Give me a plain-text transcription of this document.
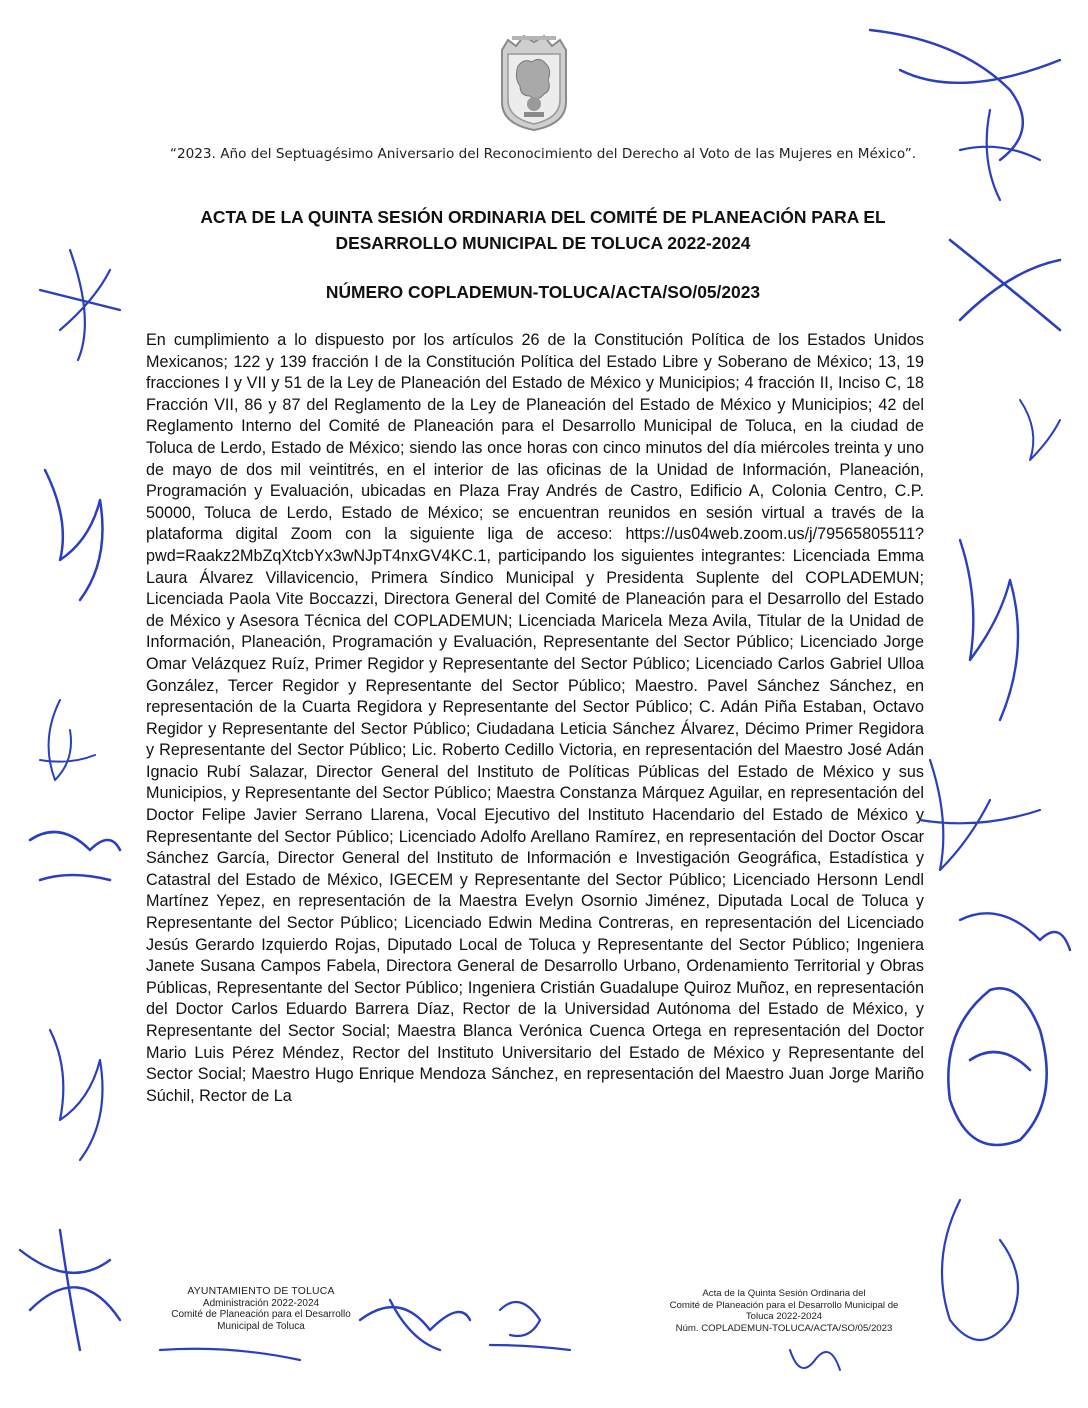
“2023. Año del Septuagésimo Aniversario del Reconocimiento del Derecho al Voto de las Mujeres en México”.
ACTA DE LA QUINTA SESIÓN ORDINARIA DEL COMITÉ DE PLANEACIÓN PARA EL
DESARROLLO MUNICIPAL DE TOLUCA 2022-2024
NÚMERO COPLADEMUN-TOLUCA/ACTA/SO/05/2023
En cumplimiento a lo dispuesto por los artículos 26 de la Constitución Política de los Estados Unidos Mexicanos; 122 y 139 fracción I de la Constitución Política del Estado Libre y Soberano de México; 13, 19 fracciones I y VII y 51 de la Ley de Planeación del Estado de México y Municipios; 4 fracción II, Inciso C, 18 Fracción VII, 86 y 87 del Reglamento de la Ley de Planeación del Estado de México y Municipios; 42 del Reglamento Interno del Comité de Planeación para el Desarrollo Municipal de Toluca, en la ciudad de Toluca de Lerdo, Estado de México; siendo las once horas con cinco minutos del día miércoles treinta y uno de mayo de dos mil veintitrés, en el interior de las oficinas de la Unidad de Información, Planeación, Programación y Evaluación, ubicadas en Plaza Fray Andrés de Castro, Edificio A, Colonia Centro, C.P. 50000, Toluca de Lerdo, Estado de México; se encuentran reunidos en sesión virtual a través de la plataforma digital Zoom con la siguiente liga de acceso: https://us04web.zoom.us/j/79565805511?pwd=Raakz2MbZqXtcbYx3wNJpT4nxGV4KC.1, participando los siguientes integrantes: Licenciada Emma Laura Álvarez Villavicencio, Primera Síndico Municipal y Presidenta Suplente del COPLADEMUN; Licenciada Paola Vite Boccazzi, Directora General del Comité de Planeación para el Desarrollo del Estado de México y Asesora Técnica del COPLADEMUN; Licenciada Maricela Meza Avila, Titular de la Unidad de Información, Planeación, Programación y Evaluación, Representante del Sector Público; Licenciado Jorge Omar Velázquez Ruíz, Primer Regidor y Representante del Sector Público; Licenciado Carlos Gabriel Ulloa González, Tercer Regidor y Representante del Sector Público; Maestro. Pavel Sánchez Sánchez, en representación de la Cuarta Regidora y Representante del Sector Público; C. Adán Piña Estaban, Octavo Regidor y Representante del Sector Público; Ciudadana Leticia Sánchez Álvarez, Décimo Primer Regidora y Representante del Sector Público; Lic. Roberto Cedillo Victoria, en representación del Maestro José Adán Ignacio Rubí Salazar, Director General del Instituto de Políticas Públicas del Estado de México y sus Municipios, y Representante del Sector Público; Maestra Constanza Márquez Aguilar, en representación del Doctor Felipe Javier Serrano Llarena, Vocal Ejecutivo del Instituto Hacendario del Estado de México y Representante del Sector Público; Licenciado Adolfo Arellano Ramírez, en representación del Doctor Oscar Sánchez García, Director General del Instituto de Información e Investigación Geográfica, Estadística y Catastral del Estado de México, IGECEM y Representante del Sector Público; Licenciado Hersonn Lendl Martínez Yepez, en representación de la Maestra Evelyn Osornio Jiménez, Diputada Local de Toluca y Representante del Sector Público; Licenciado Edwin Medina Contreras, en representación del Licenciado Jesús Gerardo Izquierdo Rojas, Diputado Local de Toluca y Representante del Sector Público; Ingeniera Janete Susana Campos Fabela, Directora General de Desarrollo Urbano, Ordenamiento Territorial y Obras Públicas, Representante del Sector Público; Ingeniera Cristián Guadalupe Quiroz Muñoz, en representación del Doctor Carlos Eduardo Barrera Díaz, Rector de la Universidad Autónoma del Estado de México, y Representante del Sector Social; Maestra Blanca Verónica Cuenca Ortega en representación del Doctor Mario Luis Pérez Méndez, Rector del Instituto Universitario del Estado de México y Representante del Sector Social; Maestro Hugo Enrique Mendoza Sánchez, en representación del Maestro Juan Jorge Mariño Súchil, Rector de La
AYUNTAMIENTO DE TOLUCA
Administración 2022-2024
Comité de Planeación para el Desarrollo
Municipal de Toluca
Acta de la Quinta Sesión Ordinaria del
Comité de Planeación para el Desarrollo Municipal de
Toluca 2022-2024
Núm. COPLADEMUN-TOLUCA/ACTA/SO/05/2023
